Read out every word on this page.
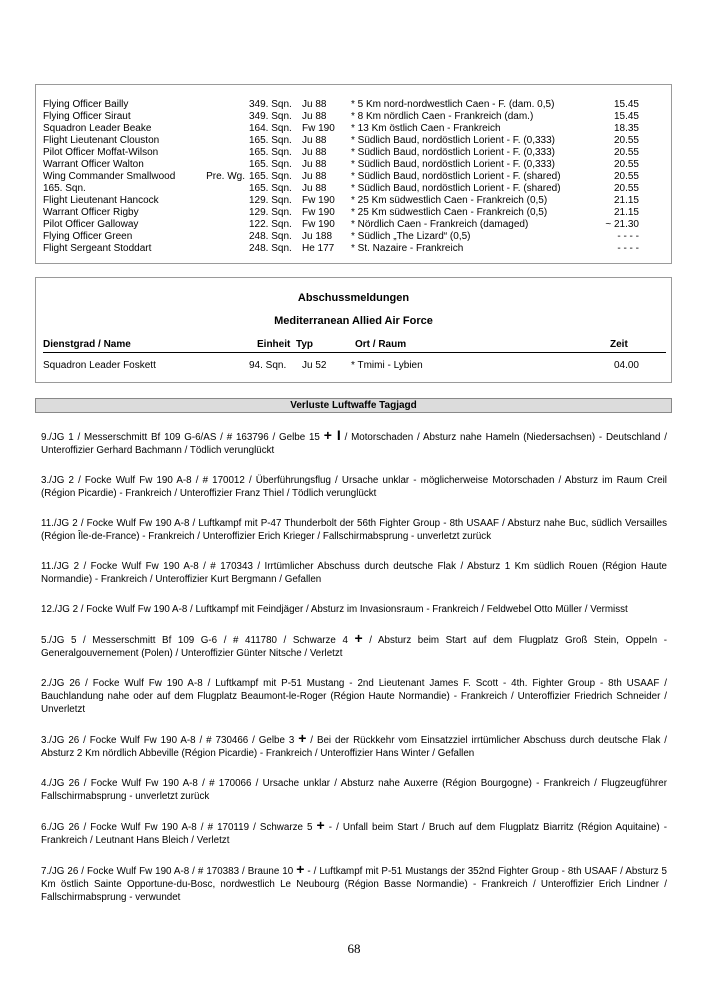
Flying Officer Bailly	349. Sqn. Ju 88 * 5 Km nord-nordwestlich Caen - F. (dam. 0,5)	15.45
Flying Officer Siraut	349. Sqn. Ju 88 * 8 Km nördlich Caen - Frankreich (dam.)	15.45
Squadron Leader Beake	164. Sqn. Fw 190 * 13 Km östlich Caen - Frankreich	18.35
Flight Lieutenant Clouston	165. Sqn. Ju 88 * Südlich Baud, nordöstlich Lorient - F. (0,333)	20.55
Pilot Officer Moffat-Wilson	165. Sqn. Ju 88 * Südlich Baud, nordöstlich Lorient - F. (0,333)	20.55
Warrant Officer Walton	165. Sqn. Ju 88 * Südlich Baud, nordöstlich Lorient - F. (0,333)	20.55
Wing Commander Smallwood	Pre. Wg. 165. Sqn. Ju 88 * Südlich Baud, nordöstlich Lorient - F. (shared)	20.55
165. Sqn.	165. Sqn. Ju 88 * Südlich Baud, nordöstlich Lorient - F. (shared)	20.55
Flight Lieutenant Hancock	129. Sqn. Fw 190 * 25 Km südwestlich Caen - Frankreich (0,5)	21.15
Warrant Officer Rigby	129. Sqn. Fw 190 * 25 Km südwestlich Caen - Frankreich (0,5)	21.15
Pilot Officer Galloway	122. Sqn. Fw 190 * Nördlich Caen - Frankreich (damaged)	~ 21.30
Flying Officer Green	248. Sqn. Ju 188 * Südlich „The Lizard“ (0,5)	- - - -
Flight Sergeant Stoddart	248. Sqn. He 177 * St. Nazaire - Frankreich	- - - -
Abschussmeldungen
Mediterranean Allied Air Force
Dienstgrad / Name	Einheit Typ	Ort / Raum	Zeit
Squadron Leader Foskett	94. Sqn. Ju 52 * Tmimi - Lybien	04.00
Verluste Luftwaffe Tagjagd

9./JG 1 / Messerschmitt Bf 109 G-6/AS / # 163796 / Gelbe 15 + I / Motorschaden / Absturz nahe Hameln (Niedersachsen) - Deutschland / Unteroffizier Gerhard Bachmann / Tödlich verunglückt

3./JG 2 / Focke Wulf Fw 190 A-8 / # 170012 / Überführungsflug / Ursache unklar - möglicherweise Motorschaden / Absturz im Raum Creil (Région Picardie) - Frankreich / Unteroffizier Franz Thiel / Tödlich verunglückt

11./JG 2 / Focke Wulf Fw 190 A-8 / Luftkampf mit P-47 Thunderbolt der 56th Fighter Group - 8th USAAF / Absturz nahe Buc, südlich Versailles (Région Île-de-France) - Frankreich / Unteroffizier Erich Krieger / Fallschirmabsprung - unverletzt zurück

11./JG 2 / Focke Wulf Fw 190 A-8 / # 170343 / Irrtümlicher Abschuss durch deutsche Flak / Absturz 1 Km südlich Rouen (Région Haute Normandie) - Frankreich / Unteroffizier Kurt Bergmann / Gefallen

12./JG 2 / Focke Wulf Fw 190 A-8 / Luftkampf mit Feindjäger / Absturz im Invasionsraum - Frankreich / Feldwebel Otto Müller / Vermisst

5./JG 5 / Messerschmitt Bf 109 G-6 / # 411780 / Schwarze 4 + / Absturz beim Start auf dem Flugplatz Groß Stein, Oppeln - Generalgouvernement (Polen) / Unteroffizier Günter Nitsche / Verletzt

2./JG 26 / Focke Wulf Fw 190 A-8 / Luftkampf mit P-51 Mustang - 2nd Lieutenant James F. Scott - 4th. Fighter Group - 8th USAAF / Bauchlandung nahe oder auf dem Flugplatz Beaumont-le-Roger (Région Haute Normandie) - Frankreich / Unteroffizier Friedrich Schneider / Unverletzt

3./JG 26 / Focke Wulf Fw 190 A-8 / # 730466 / Gelbe 3 + / Bei der Rückkehr vom Einsatzziel irrtümlicher Abschuss durch deutsche Flak / Absturz 2 Km nördlich Abbeville (Région Picardie) - Frankreich / Unteroffizier Hans Winter / Gefallen

4./JG 26 / Focke Wulf Fw 190 A-8 / # 170066 / Ursache unklar / Absturz nahe Auxerre (Région Bourgogne) - Frankreich / Flugzeugführer Fallschirmabsprung - unverletzt zurück

6./JG 26 / Focke Wulf Fw 190 A-8 / # 170119 / Schwarze 5 + - / Unfall beim Start / Bruch auf dem Flugplatz Biarritz (Région Aquitaine) - Frankreich / Leutnant Hans Bleich / Verletzt

7./JG 26 / Focke Wulf Fw 190 A-8 / # 170383 / Braune 10 + - / Luftkampf mit P-51 Mustangs der 352nd Fighter Group - 8th USAAF / Absturz 5 Km östlich Sainte Opportune-du-Bosc, nordwestlich Le Neubourg (Région Basse Normandie) - Frankreich / Unteroffizier Erich Lindner / Fallschirmabsprung - verwundet

68
